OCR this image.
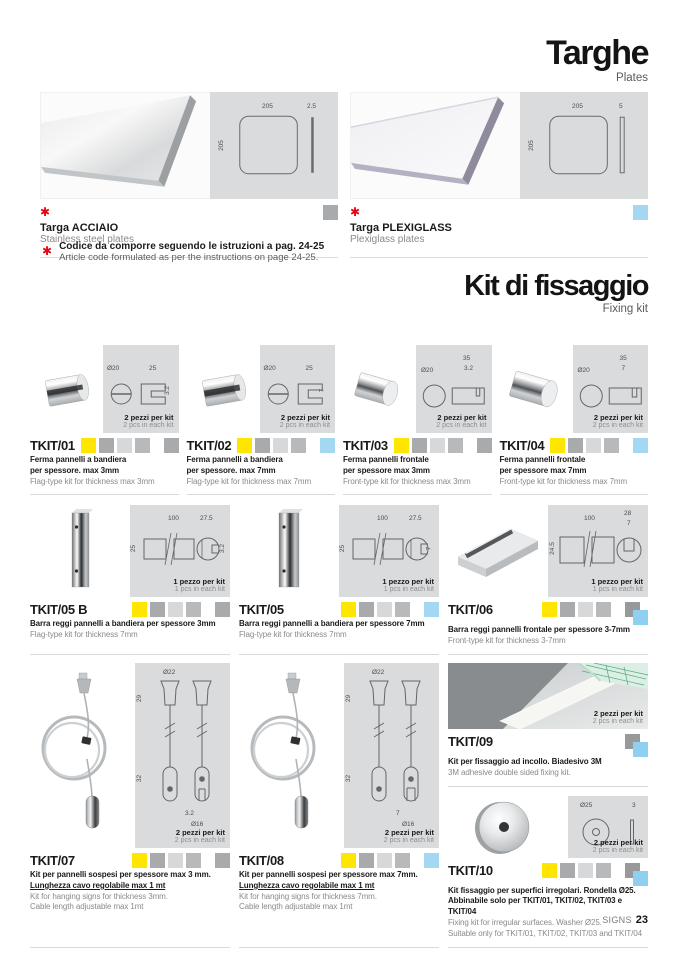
Targhe
Plates
205	2.5
205
✱
Targa ACCIAIO
Stainless steel plates
205	5
205
✱
Targa PLEXIGLASS
Plexiglass plates
✱ Codice da comporre seguendo le istruzioni a pag. 24-25
Article code formulated as per the instructions on page 24-25.
Kit di fissaggio
Fixing kit
Ø20	25
3.2
2 pezzi per kit
2 pcs in each kit
TKIT/01
Ferma pannelli a bandiera
per spessore. max 3mm
Flag-type kit for thickness max 3mm
Ø20	25
7
2 pezzi per kit
2 pcs in each kit
TKIT/02
Ferma pannelli a bandiera
per spessore. max 7mm
Flag-type kit for thickness max 7mm
35
3.2
Ø20
2 pezzi per kit
2 pcs in each kit
TKIT/03
Ferma pannelli frontale
per spessore max 3mm
Front-type kit for thickness max 3mm
35
7
Ø20
2 pezzi per kit
2 pcs in each kit
TKIT/04
Ferma pannelli frontale
per spessore max 7mm
Front-type kit for thickness max 7mm
100	27.5
25	3.2
1 pezzo per kit
1 pcs in each kit
TKIT/05 B
Barra reggi pannelli a bandiera per spessore 3mm
Flag-type kit for thickness 7mm
100	27.5
25	7
1 pezzo per kit
1 pcs in each kit
TKIT/05
Barra reggi pannelli a bandiera per spessore 7mm
Flag-type kit for thickness 7mm
24.5
100
28
7
1 pezzo per kit
1 pcs in each kit
TKIT/06
Barra reggi pannelli frontale per spessore 3-7mm
Front-type kit for thickness 3-7mm
Ø22
29
32
3.2
Ø16
2 pezzi per kit
2 pcs in each kit
TKIT/07
Kit per pannelli sospesi per spessore max 3 mm.
Lunghezza cavo regolabile max 1 mt
Kit for hanging signs for thickness 3mm.
Cable length adjustable max 1mt
Ø22
29
32
7
Ø16
2 pezzi per kit
2 pcs in each kit
TKIT/08
Kit per pannelli sospesi per spessore max 7mm.
Lunghezza cavo regolabile max 1 mt
Kit for hanging signs for thickness 7mm.
Cable length adjustable max 1mt
2 pezzi per kit
2 pcs in each kit
TKIT/09
Kit per fissaggio ad incollo. Biadesivo 3M
3M adhesive double sided fixing kit.
Ø25	3
2 pezzi per kit
2 pcs in each kit
TKIT/10
Kit fissaggio per superfici irregolari. Rondella Ø25.
Abbinabile solo per TKIT/01, TKIT/02, TKIT/03 e TKIT/04
Fixing kit for irregular surfaces. Washer Ø25.
Suitable only for TKIT/01, TKIT/02, TKIT/03 and TKIT/04
SIGNS 23
